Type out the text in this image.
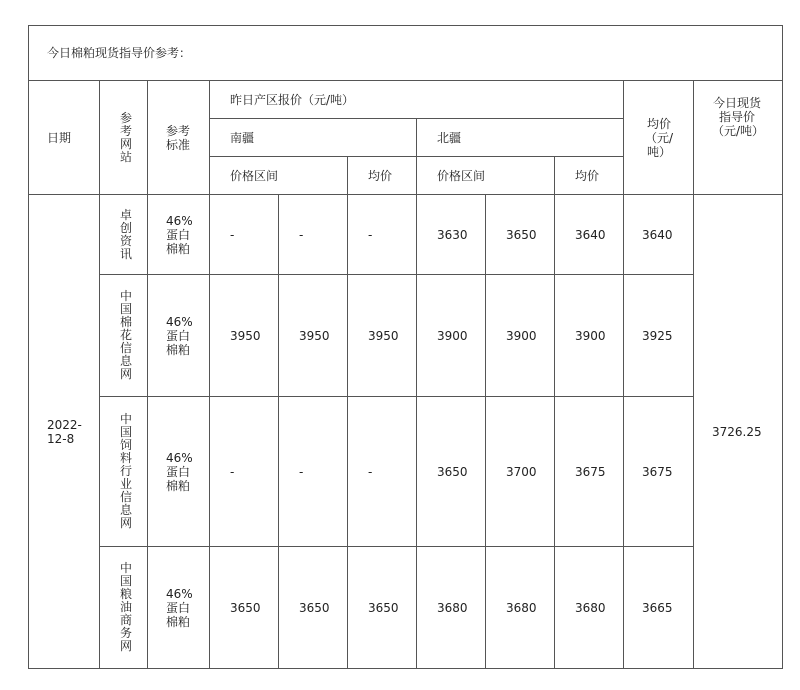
今日棉粕现货指导价参考：										
日期	参考网站	参考标准	昨日产区报价（元/吨）						均价（元/吨）	今日现货指导价（元/吨）

			南疆			北疆				
			价格区间		均价	价格区间		均价		

2022-12-8	卓创资讯	46%蛋白棉粕	-	-	-	3630	3650	3640	3640	3726.25

	中国棉花信息网	46%蛋白棉粕	3950	3950	3950	3900	3900	3900	3925	

	中国饲料行业信息网	46%蛋白棉粕	-	-	-	3650	3700	3675	3675	

	中国粮油商务网	46%蛋白棉粕	3650	3650	3650	3680	3680	3680	3665	
